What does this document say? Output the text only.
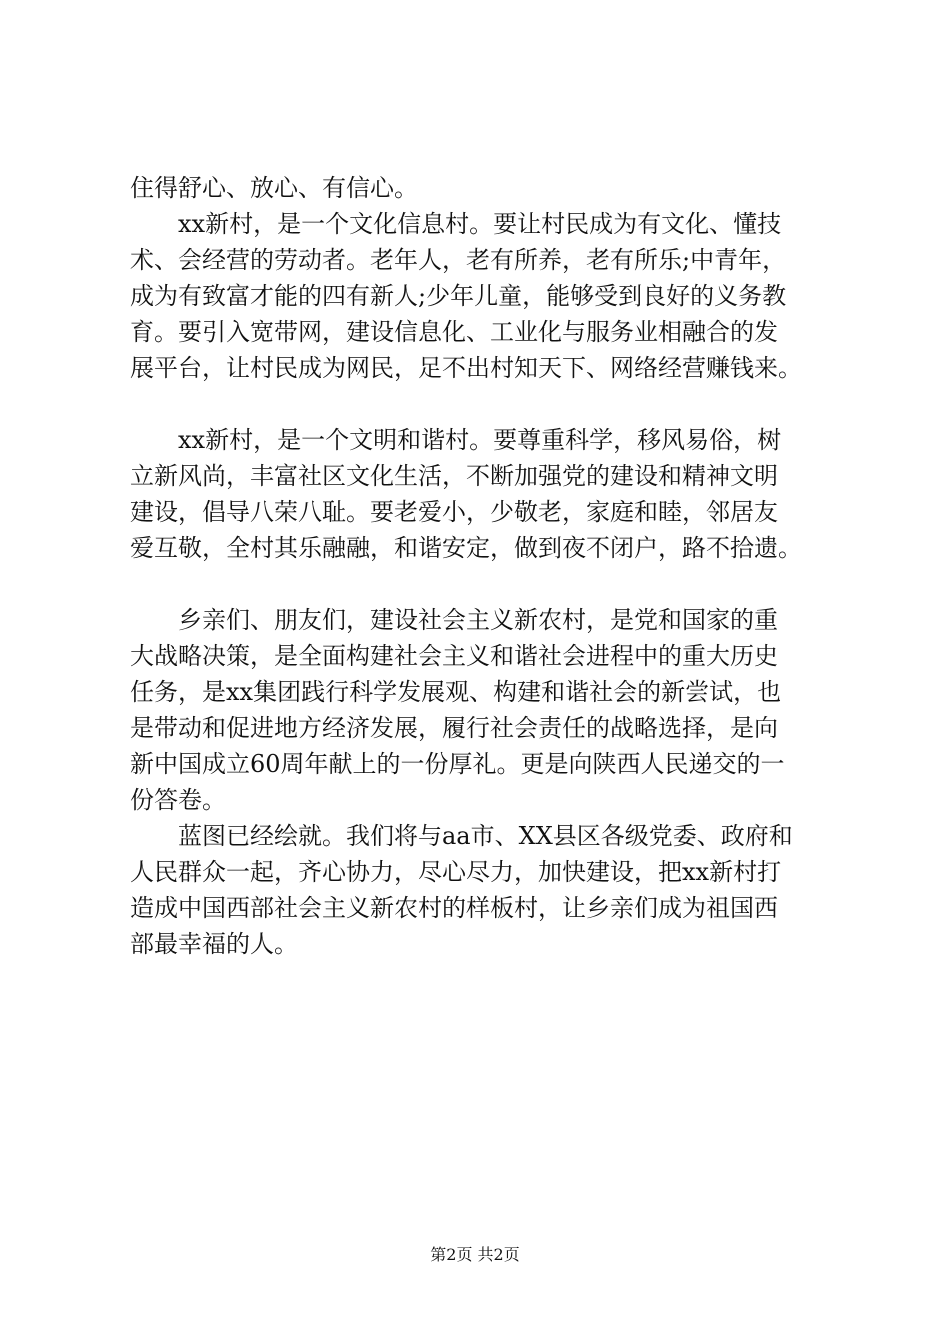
住得舒心、放心、有信心。

xx新村，是一个文化信息村。要让村民成为有文化、懂技
术、会经营的劳动者。老年人，老有所养，老有所乐;中青年，
成为有致富才能的四有新人;少年儿童，能够受到良好的义务教
育。要引入宽带网，建设信息化、工业化与服务业相融合的发
展平台，让村民成为网民，足不出村知天下、网络经营赚钱来。

xx新村，是一个文明和谐村。要尊重科学，移风易俗，树
立新风尚，丰富社区文化生活，不断加强党的建设和精神文明
建设，倡导八荣八耻。要老爱小，少敬老，家庭和睦，邻居友
爱互敬，全村其乐融融，和谐安定，做到夜不闭户，路不拾遗。

乡亲们、朋友们，建设社会主义新农村，是党和国家的重
大战略决策，是全面构建社会主义和谐社会进程中的重大历史
任务，是xx集团践行科学发展观、构建和谐社会的新尝试，也
是带动和促进地方经济发展，履行社会责任的战略选择，是向
新中国成立60周年献上的一份厚礼。更是向陕西人民递交的一
份答卷。

蓝图已经绘就。我们将与aa市、XX县区各级党委、政府和
人民群众一起，齐心协力，尽心尽力，加快建设，把xx新村打
造成中国西部社会主义新农村的样板村，让乡亲们成为祖国西
部最幸福的人。

第2页 共2页
